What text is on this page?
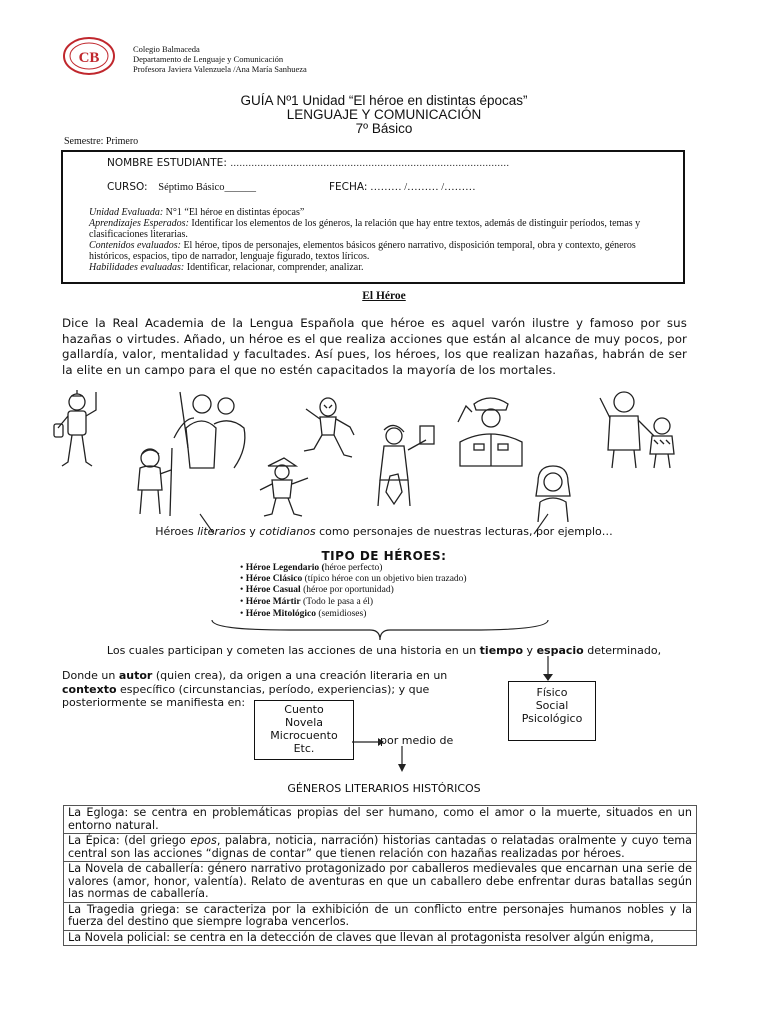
CB
Colegio Balmaceda
Departamento de Lenguaje y Comunicación
Profesora Javiera Valenzuela /Ana María Sanhueza
GUÍA Nº1 Unidad “El héroe en distintas épocas”
LENGUAJE Y COMUNICACIÓN
7º Básico
Semestre: Primero
NOMBRE ESTUDIANTE: …………………………………………………………………………………
CURSO: Séptimo Básico______	FECHA: ……… /……… /………
Unidad Evaluada: N°1 “El héroe en distintas épocas”
Aprendizajes Esperados: Identificar los elementos de los géneros, la relación que hay entre textos, además de distinguir períodos, temas y clasificaciones literarias.
Contenidos evaluados: El héroe, tipos de personajes, elementos básicos género narrativo, disposición temporal, obra y contexto, géneros históricos, espacios, tipo de narrador, lenguaje figurado, textos líricos.
Habilidades evaluadas: Identificar, relacionar, comprender, analizar.
El Héroe
Dice la Real Academia de la Lengua Española que héroe es aquel varón ilustre y famoso por sus hazañas o virtudes. Añado, un héroe es el que realiza acciones que están al alcance de muy pocos, por gallardía, valor, mentalidad y facultades. Así pues, los héroes, los que realizan hazañas, habrán de ser la elite en un campo para el que no estén capacitados la mayoría de los mortales.
Héroes literarios y cotidianos como personajes de nuestras lecturas, por ejemplo…
TIPO DE HÉROES:
• Héroe Legendario (héroe perfecto)
• Héroe Clásico (típico héroe con un objetivo bien trazado)
• Héroe Casual (héroe por oportunidad)
• Héroe Mártir (Todo le pasa a él)
• Héroe Mitológico (semidioses)
Los cuales participan y cometen las acciones de una historia en un tiempo y espacio determinado,
Donde un autor (quien crea), da origen a una creación literaria en un contexto específico (circunstancias, período, experiencias); y que posteriormente se manifiesta en:
Físico
Social
Psicológico
Cuento
Novela
Microcuento
Etc.
por medio de
GÉNEROS LITERARIOS HISTÓRICOS
La Egloga: se centra en problemáticas propias del ser humano, como el amor o la muerte, situados en un entorno natural.
La Épica: (del griego epos, palabra, noticia, narración) historias cantadas o relatadas oralmente y cuyo tema central son las acciones “dignas de contar” que tienen relación con hazañas realizadas por héroes.
La Novela de caballería: género narrativo protagonizado por caballeros medievales que encarnan una serie de valores (amor, honor, valentía). Relato de aventuras en que un caballero debe enfrentar duras batallas según las normas de caballería.
La Tragedia griega: se caracteriza por la exhibición de un conflicto entre personajes humanos nobles y la fuerza del destino que siempre lograba vencerlos.
La Novela policial: se centra en la detección de claves que llevan al protagonista resolver algún enigma,
